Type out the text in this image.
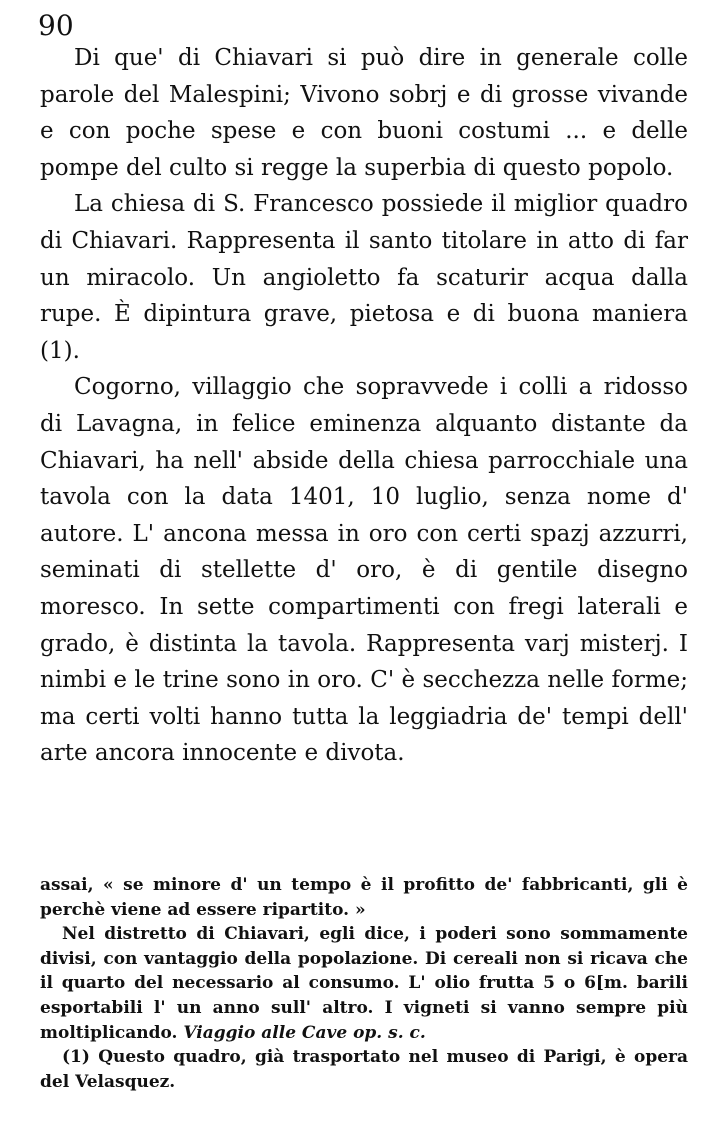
90

Di que' di Chiavari si può dire in generale colle parole del Malespini; Vivono sobrj e di grosse vivande e con poche spese e con buoni costumi ... e delle pompe del culto si regge la superbia di questo popolo.

La chiesa di S. Francesco possiede il miglior quadro di Chiavari. Rappresenta il santo titolare in atto di far un miracolo. Un angioletto fa scaturir acqua dalla rupe. È dipintura grave, pietosa e di buona maniera (1).

Cogorno, villaggio che sopravvede i colli a ridosso di Lavagna, in felice eminenza alquanto distante da Chiavari, ha nell' abside della chiesa parrocchiale una tavola con la data 1401, 10 luglio, senza nome d' autore. L' ancona messa in oro con certi spazj azzurri, seminati di stellette d' oro, è di gentile disegno moresco. In sette compartimenti con fregi laterali e grado, è distinta la tavola. Rappresenta varj misterj. I nimbi e le trine sono in oro. C' è secchezza nelle forme; ma certi volti hanno tutta la leggiadria de' tempi dell' arte ancora innocente e divota.

assai, « se minore d' un tempo è il profitto de' fabbricanti, gli è perchè viene ad essere ripartito. »

Nel distretto di Chiavari, egli dice, i poderi sono sommamente divisi, con vantaggio della popolazione. Di cereali non si ricava che il quarto del necessario al consumo. L' olio frutta 5 o 6[m. barili esportabili l' un anno sull' altro. I vigneti si vanno sempre più moltiplicando. Viaggio alle Cave op. s. c.

(1) Questo quadro, già trasportato nel museo di Parigi, è opera del Velasquez.
